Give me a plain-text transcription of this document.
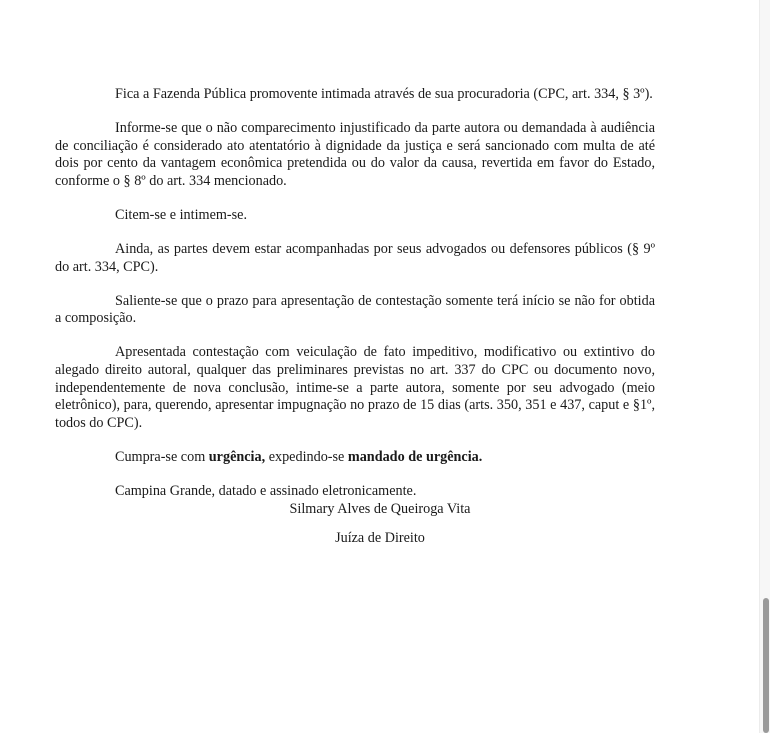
Fica a Fazenda Pública promovente intimada através de sua procuradoria (CPC, art. 334, § 3º).

Informe-se que o não comparecimento injustificado da parte autora ou demandada à audiência de conciliação é considerado ato atentatório à dignidade da justiça e será sancionado com multa de até dois por cento da vantagem econômica pretendida ou do valor da causa, revertida em favor do Estado, conforme o § 8º do art. 334 mencionado.

Citem-se e intimem-se.

Ainda, as partes devem estar acompanhadas por seus advogados ou defensores públicos (§ 9º do art. 334, CPC).

Saliente-se que o prazo para apresentação de contestação somente terá início se não for obtida a composição.

Apresentada contestação com veiculação de fato impeditivo, modificativo ou extintivo do alegado direito autoral, qualquer das preliminares previstas no art. 337 do CPC ou documento novo, independentemente de nova conclusão, intime-se a parte autora, somente por seu advogado (meio eletrônico), para, querendo, apresentar impugnação no prazo de 15 dias (arts. 350, 351 e 437, caput e §1º, todos do CPC).

Cumpra-se com urgência, expedindo-se mandado de urgência.

Campina Grande, datado e assinado eletronicamente.

Silmary Alves de Queiroga Vita
Juíza de Direito
